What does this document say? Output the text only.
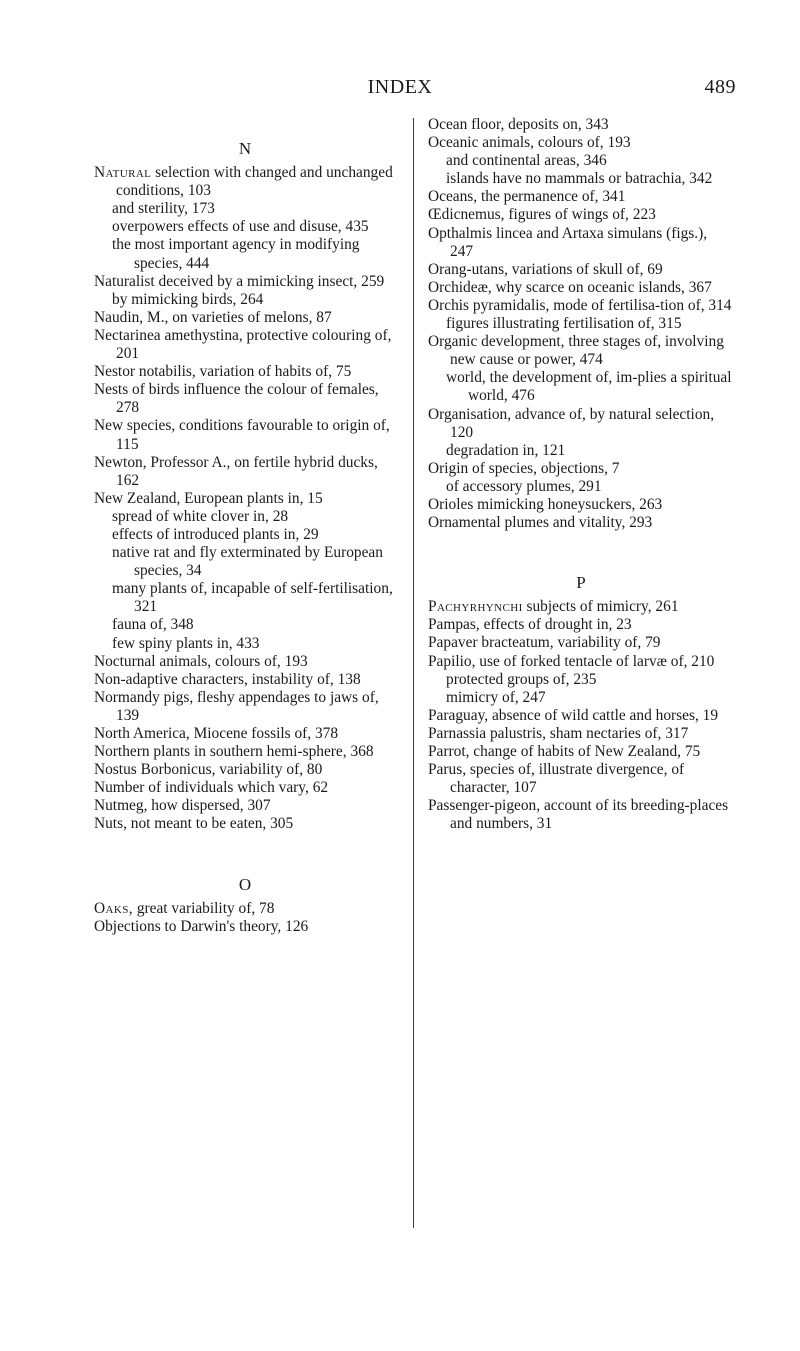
INDEX	489
N
Natural selection with changed and unchanged conditions, 103
and sterility, 173
overpowers effects of use and disuse, 435
the most important agency in modifying species, 444
Naturalist deceived by a mimicking insect, 259
by mimicking birds, 264
Naudin, M., on varieties of melons, 87
Nectarinea amethystina, protective colouring of, 201
Nestor notabilis, variation of habits of, 75
Nests of birds influence the colour of females, 278
New species, conditions favourable to origin of, 115
Newton, Professor A., on fertile hybrid ducks, 162
New Zealand, European plants in, 15
spread of white clover in, 28
effects of introduced plants in, 29
native rat and fly exterminated by European species, 34
many plants of, incapable of self-fertilisation, 321
fauna of, 348
few spiny plants in, 433
Nocturnal animals, colours of, 193
Non-adaptive characters, instability of, 138
Normandy pigs, fleshy appendages to jaws of, 139
North America, Miocene fossils of, 378
Northern plants in southern hemi-sphere, 368
Nostus Borbonicus, variability of, 80
Number of individuals which vary, 62
Nutmeg, how dispersed, 307
Nuts, not meant to be eaten, 305
O
Oaks, great variability of, 78
Objections to Darwin's theory, 126
Ocean floor, deposits on, 343
Oceanic animals, colours of, 193
and continental areas, 346
islands have no mammals or batrachia, 342
Oceans, the permanence of, 341
Œdicnemus, figures of wings of, 223
Opthalmis lincea and Artaxa simulans (figs.), 247
Orang-utans, variations of skull of, 69
Orchideæ, why scarce on oceanic islands, 367
Orchis pyramidalis, mode of fertilisa-tion of, 314
figures illustrating fertilisation of, 315
Organic development, three stages of, involving new cause or power, 474
world, the development of, im-plies a spiritual world, 476
Organisation, advance of, by natural selection, 120
degradation in, 121
Origin of species, objections, 7
of accessory plumes, 291
Orioles mimicking honeysuckers, 263
Ornamental plumes and vitality, 293
P
Pachyrhynchi subjects of mimicry, 261
Pampas, effects of drought in, 23
Papaver bracteatum, variability of, 79
Papilio, use of forked tentacle of larvæ of, 210
protected groups of, 235
mimicry of, 247
Paraguay, absence of wild cattle and horses, 19
Parnassia palustris, sham nectaries of, 317
Parrot, change of habits of New Zealand, 75
Parus, species of, illustrate divergence, of character, 107
Passenger-pigeon, account of its breeding-places and numbers, 31
